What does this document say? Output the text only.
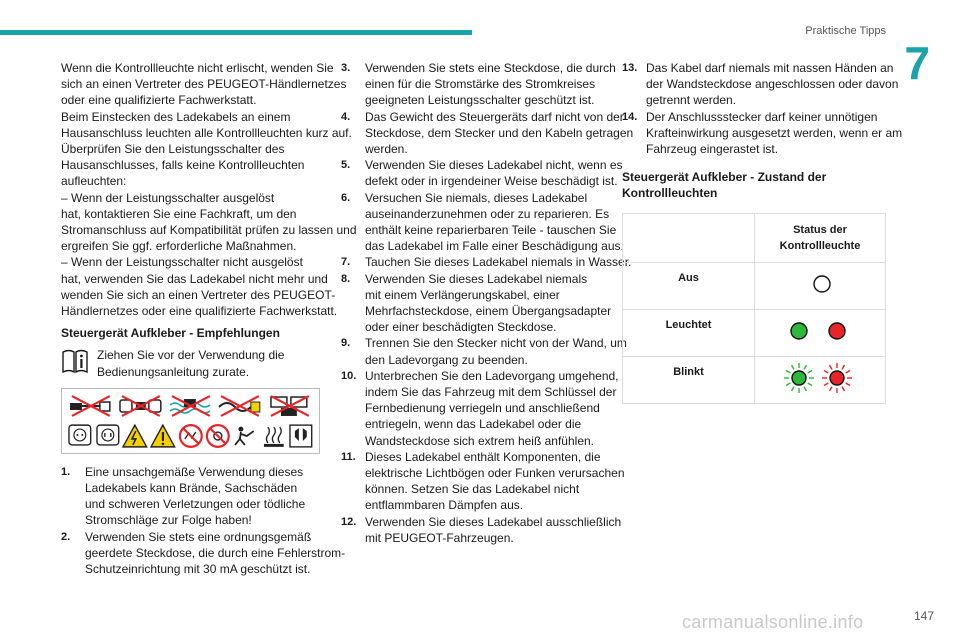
Praktische Tipps
7
Wenn die Kontrollleuchte nicht erlischt, wenden Sie
sich an einen Vertreter des PEUGEOT-Händlernetzes
oder eine qualifizierte Fachwerkstatt.
Beim Einstecken des Ladekabels an einem
Hausanschluss leuchten alle Kontrollleuchten kurz auf.
Überprüfen Sie den Leistungsschalter des
Hausanschlusses, falls keine Kontrollleuchten
aufleuchten:
– Wenn der Leistungsschalter ausgelöst
hat, kontaktieren Sie eine Fachkraft, um den
Stromanschluss auf Kompatibilität prüfen zu lassen und
ergreifen Sie ggf. erforderliche Maßnahmen.
– Wenn der Leistungsschalter nicht ausgelöst
hat, verwenden Sie das Ladekabel nicht mehr und
wenden Sie sich an einen Vertreter des PEUGEOT-
Händlernetzes oder eine qualifizierte Fachwerkstatt.
Steuergerät Aufkleber - Empfehlungen
Ziehen Sie vor der Verwendung die
Bedienungsanleitung zurate.
1.	Eine unsachgemäße Verwendung dieses
Ladekabels kann Brände, Sachschäden
und schweren Verletzungen oder tödliche
Stromschläge zur Folge haben!
2.	Verwenden Sie stets eine ordnungsgemäß
geerdete Steckdose, die durch eine Fehlerstrom-
Schutzeinrichtung mit 30 mA geschützt ist.
3.	Verwenden Sie stets eine Steckdose, die durch
einen für die Stromstärke des Stromkreises
geeigneten Leistungsschalter geschützt ist.
4.	Das Gewicht des Steuergeräts darf nicht von der
Steckdose, dem Stecker und den Kabeln getragen
werden.
5.	Verwenden Sie dieses Ladekabel nicht, wenn es
defekt oder in irgendeiner Weise beschädigt ist.
6.	Versuchen Sie niemals, dieses Ladekabel
auseinanderzunehmen oder zu reparieren. Es
enthält keine reparierbaren Teile - tauschen Sie
das Ladekabel im Falle einer Beschädigung aus.
7.	Tauchen Sie dieses Ladekabel niemals in Wasser.
8.	Verwenden Sie dieses Ladekabel niemals
mit einem Verlängerungskabel, einer
Mehrfachsteckdose, einem Übergangsadapter
oder einer beschädigten Steckdose.
9.	Trennen Sie den Stecker nicht von der Wand, um
den Ladevorgang zu beenden.
10. Unterbrechen Sie den Ladevorgang umgehend,
indem Sie das Fahrzeug mit dem Schlüssel der
Fernbedienung verriegeln und anschließend
entriegeln, wenn das Ladekabel oder die
Wandsteckdose sich extrem heiß anfühlen.
11. Dieses Ladekabel enthält Komponenten, die
elektrische Lichtbögen oder Funken verursachen
können. Setzen Sie das Ladekabel nicht
entflammbaren Dämpfen aus.
12. Verwenden Sie dieses Ladekabel ausschließlich
mit PEUGEOT-Fahrzeugen.
13. Das Kabel darf niemals mit nassen Händen an
der Wandsteckdose angeschlossen oder davon
getrennt werden.
14. Der Anschlussstecker darf keiner unnötigen
Krafteinwirkung ausgesetzt werden, wenn er am
Fahrzeug eingerastet ist.
Steuergerät Aufkleber - Zustand der
Kontrollleuchten

	Status der
Kontrollleuchte

Aus	
Leuchtet	
Blinkt	
147
carmanualsonline.info
